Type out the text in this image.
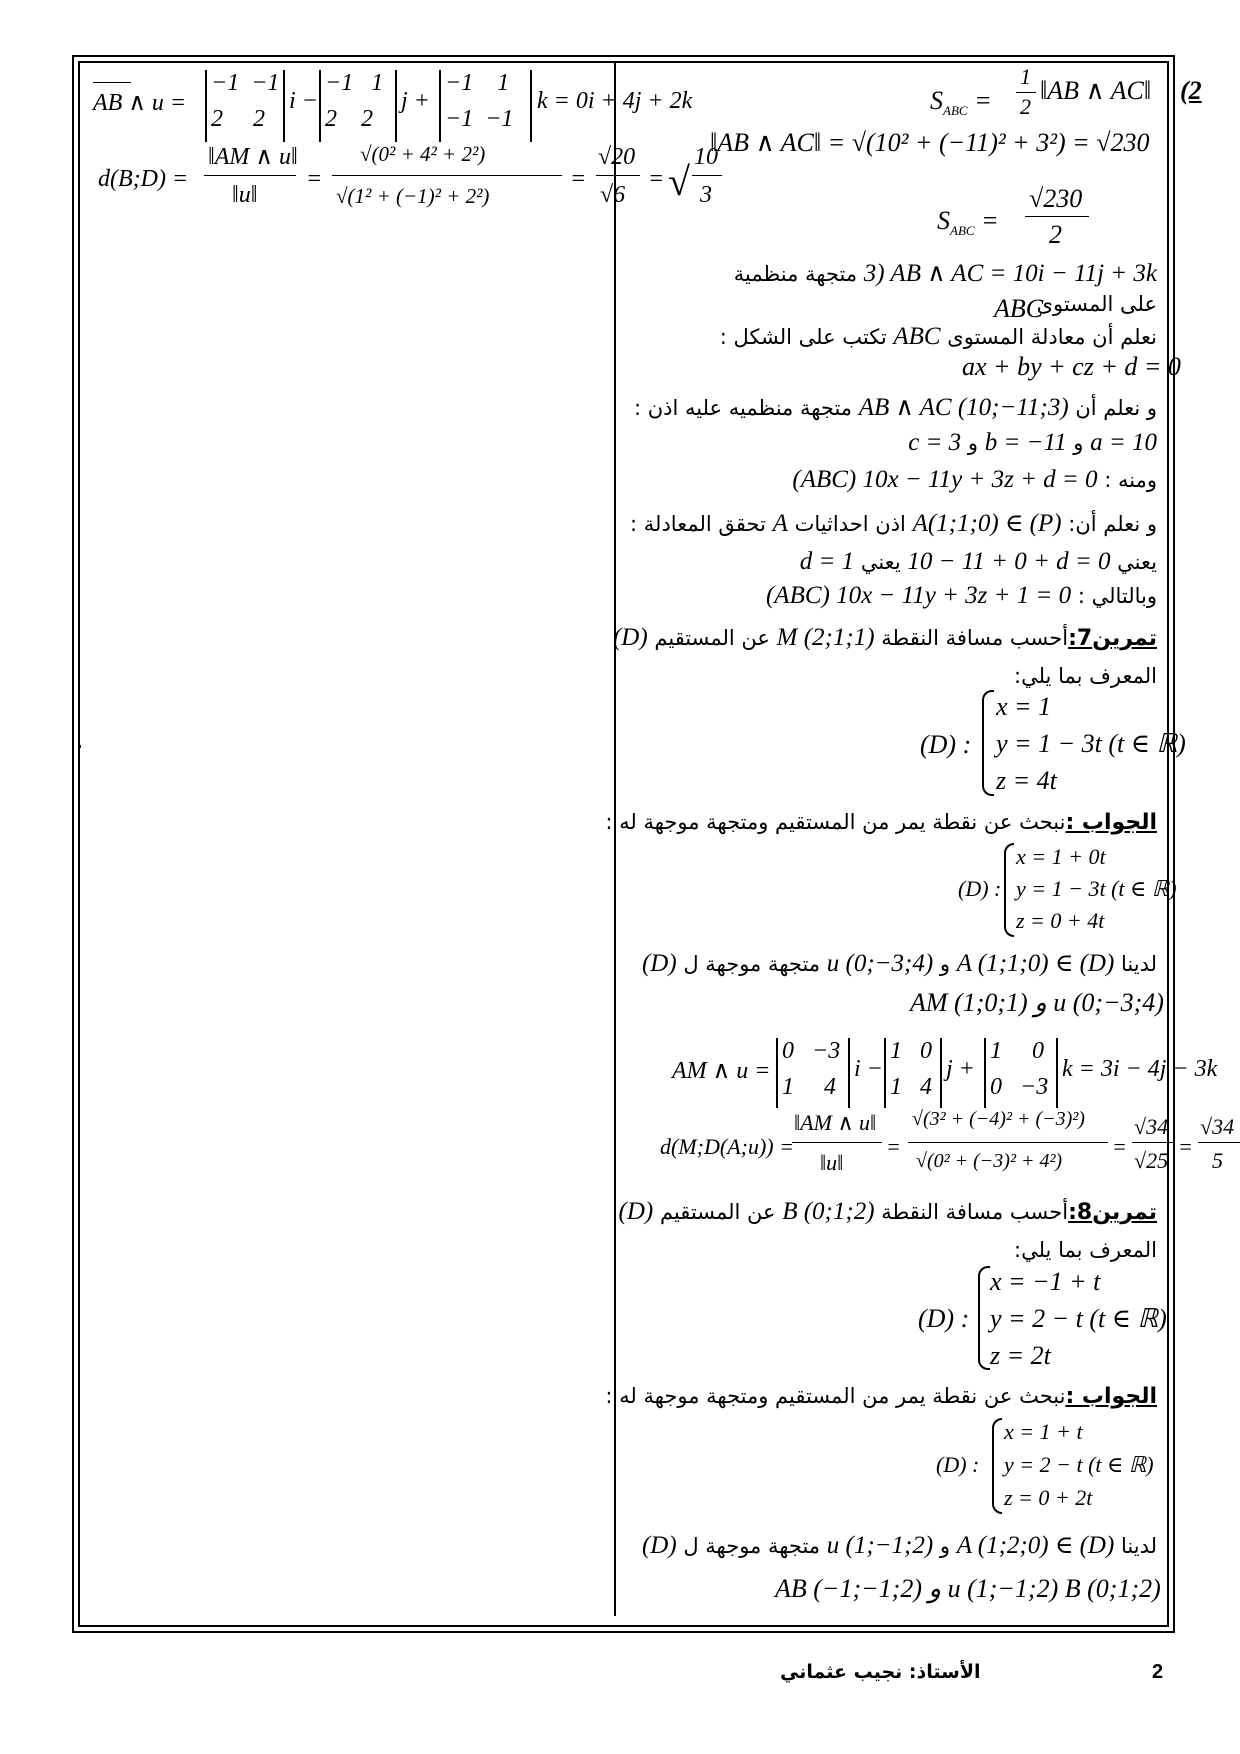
AB ∧ u =
−1  −1
2     2
i −
−1   1
2    2
j +
−1    1
−1  −1
k = 0i + 4j + 2k
d(B;D) =
‖AM ∧ u‖
‖u‖
=
√(0² + 4² + 2²)
√(1² + (−1)² + 2²)
=
√20
√6
= √
10
3
$S_{ABC}$ =
1
2
‖AB ∧ AC‖ (2
‖AB ∧ AC‖ = √(10² + (−11)² + 3²) = √230
$S_{ABC}$ =
√230
2
3) AB ∧ AC = 10i − 11j + 3k متجهة منظمية
على المستوى
ABC
نعلم أن معادلة المستوى ABC تكتب على الشكل :
ax + by + cz + d = 0
و نعلم أن AB ∧ AC (10;−11;3) متجهة منظميه عليه اذن :
a = 10 و b = −11 و c = 3
ومنه : (ABC) 10x − 11y + 3z + d = 0
و نعلم أن: A(1;1;0) ∈ (P) اذن احداثيات A تحقق المعادلة :
يعني 10 − 11 + 0 + d = 0 يعني d = 1
وبالتالي : (ABC) 10x − 11y + 3z + 1 = 0
تمرين7:أحسب مسافة النقطة M (2;1;1) عن المستقيم (D)
المعرف بما يلي:
(D) :
x = 1
y = 1 − 3t (t ∈ ℝ)
z = 4t
الجواب :نبحث عن نقطة يمر من المستقيم ومتجهة موجهة له :
(D) :
x = 1 + 0t
y = 1 − 3t (t ∈ ℝ)
z = 0 + 4t
لدينا A (1;1;0) ∈ (D) و u (0;−3;4) متجهة موجهة ل (D)
AM (1;0;1) و u (0;−3;4)
AM ∧ u =
0   −3
1     4
i −
1   0
1   4
j +
1     0
0   −3
k = 3i − 4j − 3k
d(M;D(A;u)) =
‖AM ∧ u‖
‖u‖
=
√(3² + (−4)² + (−3)²)
√(0² + (−3)² + 4²)
=
√34
√25
=
√34
5
تمرين8:أحسب مسافة النقطة B (0;1;2) عن المستقيم (D)
المعرف بما يلي:
(D) :
x = −1 + t
y = 2 − t (t ∈ ℝ)
z = 2t
الجواب :نبحث عن نقطة يمر من المستقيم ومتجهة موجهة له :
(D) :
x = 1 + t
y = 2 − t (t ∈ ℝ)
z = 0 + 2t
لدينا A (1;2;0) ∈ (D) و u (1;−1;2) متجهة موجهة ل (D)
AB (−1;−1;2) و u (1;−1;2) B (0;1;2)
2
الأستاذ: نجيب عثماني
